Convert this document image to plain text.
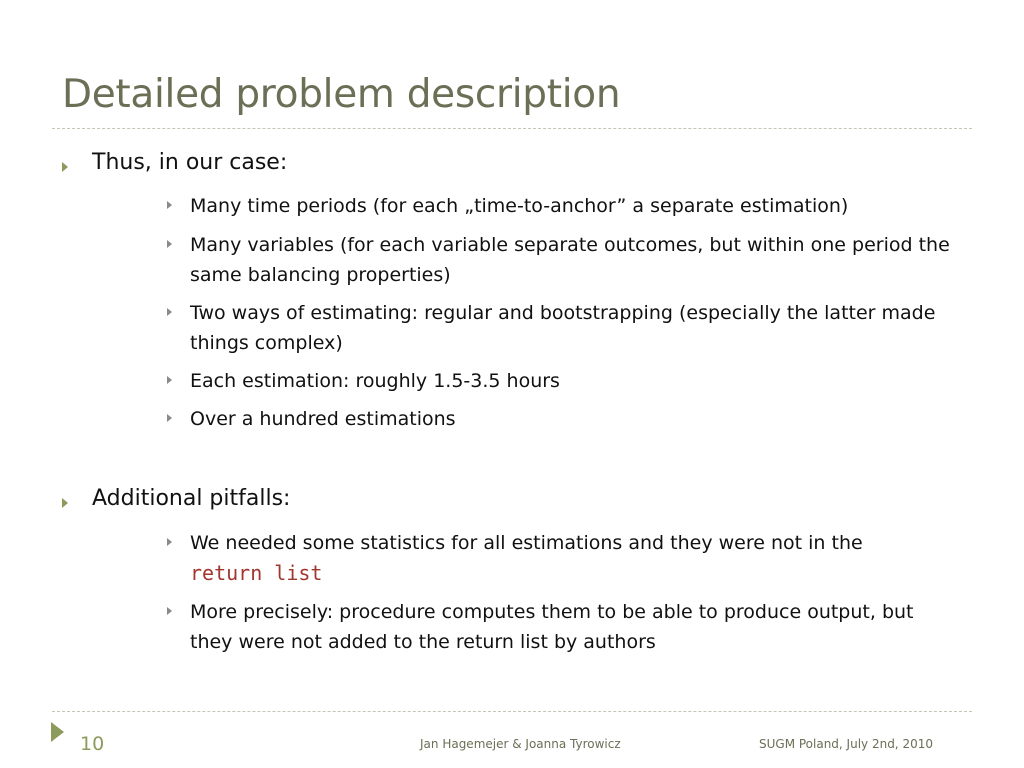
Detailed problem description
Thus, in our case:
Many time periods (for each „time-to-anchor” a separate estimation)
Many variables (for each variable separate outcomes, but within one period the same balancing properties)
Two ways of estimating: regular and bootstrapping (especially the latter made things complex)
Each estimation: roughly 1.5-3.5 hours
Over a hundred estimations
Additional pitfalls:
We needed some statistics for all estimations and they were not in the
return list
More precisely: procedure computes them to be able to produce output, but they were not added to the return list by authors
10	Jan Hagemejer & Joanna Tyrowicz	SUGM Poland, July 2nd, 2010
